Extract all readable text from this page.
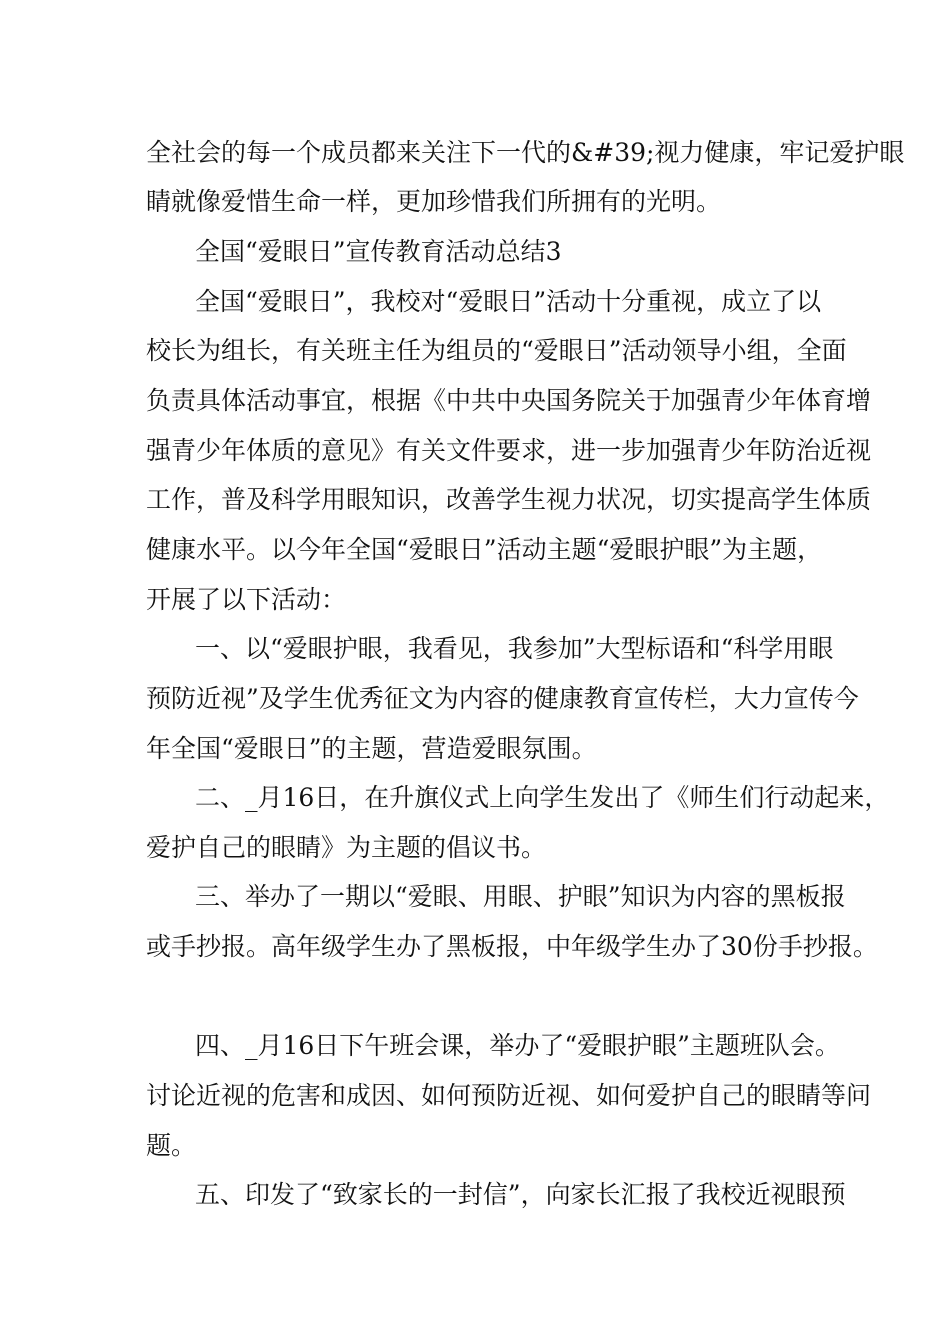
全社会的每一个成员都来关注下一代的&#39;视力健康，牢记爱护眼
睛就像爱惜生命一样，更加珍惜我们所拥有的光明。
全国“爱眼日”宣传教育活动总结3
全国“爱眼日”，我校对“爱眼日”活动十分重视，成立了以
校长为组长，有关班主任为组员的“爱眼日”活动领导小组，全面
负责具体活动事宜，根据《中共中央国务院关于加强青少年体育增
强青少年体质的意见》有关文件要求，进一步加强青少年防治近视
工作，普及科学用眼知识，改善学生视力状况，切实提高学生体质
健康水平。以今年全国“爱眼日”活动主题“爱眼护眼”为主题，
开展了以下活动：
一、以“爱眼护眼，我看见，我参加”大型标语和“科学用眼
预防近视”及学生优秀征文为内容的健康教育宣传栏，大力宣传今
年全国“爱眼日”的主题，营造爱眼氛围。
二、_月16日，在升旗仪式上向学生发出了《师生们行动起来，
爱护自己的眼睛》为主题的倡议书。
三、举办了一期以“爱眼、用眼、护眼”知识为内容的黑板报
或手抄报。高年级学生办了黑板报，中年级学生办了30份手抄报。
四、_月16日下午班会课，举办了“爱眼护眼”主题班队会。
讨论近视的危害和成因、如何预防近视、如何爱护自己的眼睛等问
题。
五、印发了“致家长的一封信”，向家长汇报了我校近视眼预
